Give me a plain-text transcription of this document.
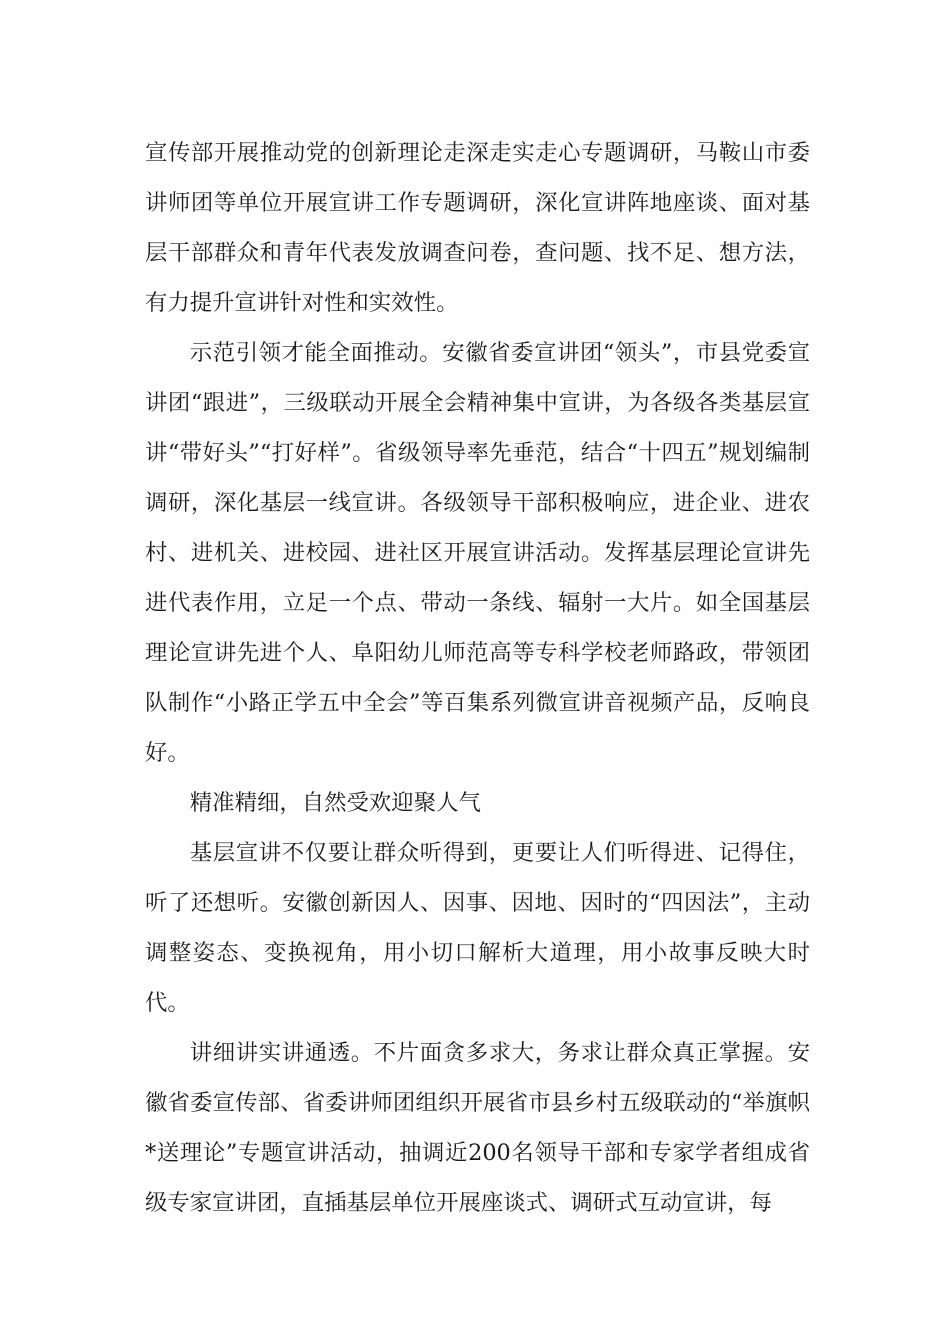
宣传部开展推动党的创新理论走深走实走心专题调研，马鞍山市委讲师团等单位开展宣讲工作专题调研，深化宣讲阵地座谈、面对基层干部群众和青年代表发放调查问卷，查问题、找不足、想方法，有力提升宣讲针对性和实效性。

示范引领才能全面推动。安徽省委宣讲团“领头”，市县党委宣讲团“跟进”，三级联动开展全会精神集中宣讲，为各级各类基层宣讲“带好头”“打好样”。省级领导率先垂范，结合“十四五”规划编制调研，深化基层一线宣讲。各级领导干部积极响应，进企业、进农村、进机关、进校园、进社区开展宣讲活动。发挥基层理论宣讲先进代表作用，立足一个点、带动一条线、辐射一大片。如全国基层理论宣讲先进个人、阜阳幼儿师范高等专科学校老师路政，带领团队制作“小路正学五中全会”等百集系列微宣讲音视频产品，反响良好。

精准精细，自然受欢迎聚人气

基层宣讲不仅要让群众听得到，更要让人们听得进、记得住，听了还想听。安徽创新因人、因事、因地、因时的“四因法”，主动调整姿态、变换视角，用小切口解析大道理，用小故事反映大时代。

讲细讲实讲通透。不片面贪多求大，务求让群众真正掌握。安徽省委宣传部、省委讲师团组织开展省市县乡村五级联动的“举旗帜*送理论”专题宣讲活动，抽调近200名领导干部和专家学者组成省级专家宣讲团，直插基层单位开展座谈式、调研式互动宣讲，每
